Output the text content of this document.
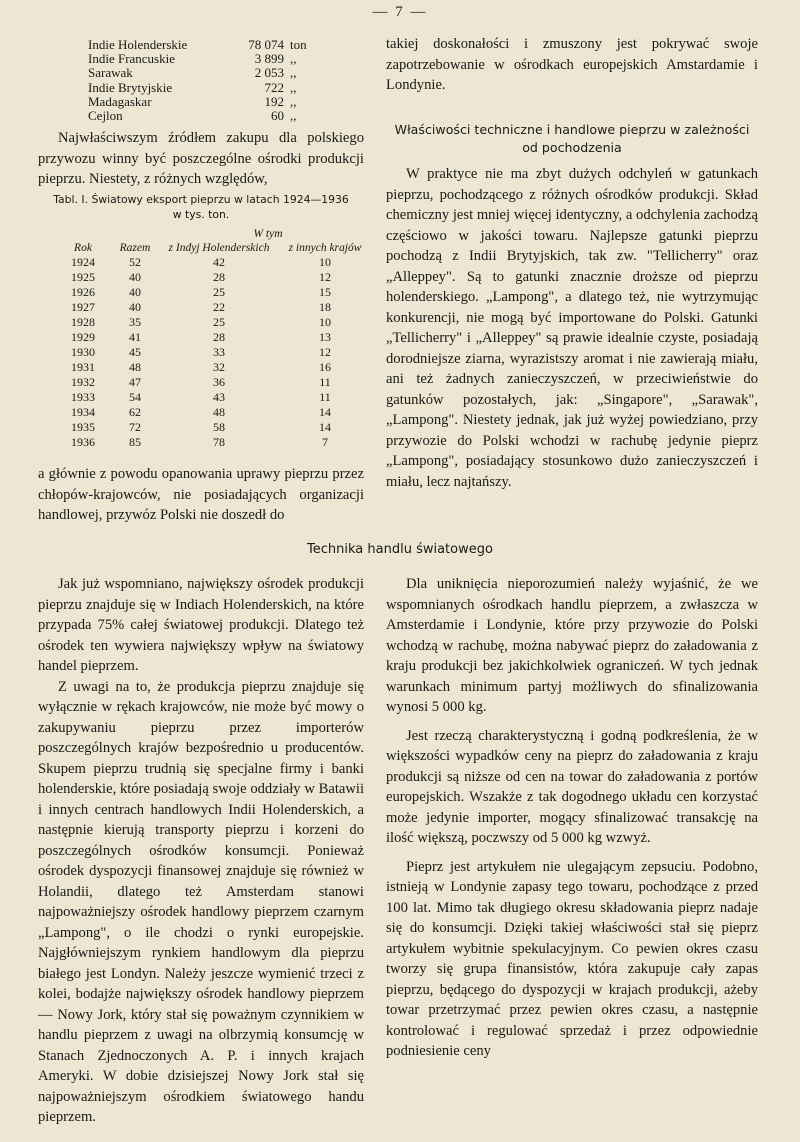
— 7 —
Indie Holenderskie	78 074 ton
Indie Francuskie	3 899 ,,
Sarawak	2 053 ,,
Indie Brytyjskie	722 ,,
Madagaskar	192 ,,
Cejlon	60 ,,

Najwłaściwszym źródłem zakupu dla polskiego przywozu winny być poszczególne ośrodki produkcji pieprzu. Niestety, z różnych względów,

Tabl. I. Światowy eksport pieprzu w latach 1924—1936
w tys. ton.
Rok	Razem	W tym	
		z Indyj Holenderskich	z innych krajów
1924	52	42	10
1925	40	28	12
1926	40	25	15
1927	40	22	18
1928	35	25	10
1929	41	28	13
1930	45	33	12
1931	48	32	16
1932	47	36	11
1933	54	43	11
1934	62	48	14
1935	72	58	14
1936	85	78	7

a głównie z powodu opanowania uprawy pieprzu przez chłopów-krajowców, nie posiadających organizacji handlowej, przywóz Polski nie doszedł do

takiej doskonałości i zmuszony jest pokrywać swoje zapotrzebowanie w ośrodkach europejskich Amstardamie i Londynie.

Właściwości techniczne i handlowe pieprzu w zależności od pochodzenia

W praktyce nie ma zbyt dużych odchyleń w gatunkach pieprzu, pochodzącego z różnych ośrodków produkcji. Skład chemiczny jest mniej więcej identyczny, a odchylenia zachodzą częściowo w jakości towaru. Najlepsze gatunki pieprzu pochodzą z Indii Brytyjskich, tak zw. "Tellicherry" oraz „Alleppey". Są to gatunki znacznie droższe od pieprzu holenderskiego. „Lampong", a dlatego też, nie wytrzymując konkurencji, nie mogą być importowane do Polski. Gatunki „Tellicherry" i „Alleppey" są prawie idealnie czyste, posiadają dorodniejsze ziarna, wyrazistszy aromat i nie zawierają miału, ani też żadnych zanieczyszczeń, w przeciwieństwie do gatunków pozostałych, jak: „Singapore", „Sarawak", „Lampong". Niestety jednak, jak już wyżej powiedziano, przy przywozie do Polski wchodzi w rachubę jedynie pieprz „Lampong", posiadający stosunkowo dużo zanieczyszczeń i miału, lecz najtańszy.

Technika handlu światowego

Jak już wspomniano, największy ośrodek produkcji pieprzu znajduje się w Indiach Holenderskich, na które przypada 75% całej światowej produkcji. Dlatego też ośrodek ten wywiera największy wpływ na światowy handel pieprzem.

Z uwagi na to, że produkcja pieprzu znajduje się wyłącznie w rękach krajowców, nie może być mowy o zakupywaniu pieprzu przez importerów poszczególnych krajów bezpośrednio u producentów. Skupem pieprzu trudnią się specjalne firmy i banki holenderskie, które posiadają swoje oddziały w Batawii i innych centrach handlowych Indii Holenderskich, a następnie kierują transporty pieprzu i korzeni do poszczególnych ośrodków konsumcji. Ponieważ ośrodek dyspozycji finansowej znajduje się również w Holandii, dlatego też Amsterdam stanowi najpoważniejszy ośrodek handlowy pieprzem czarnym „Lampong", o ile chodzi o rynki europejskie. Najgłówniejszym rynkiem handlowym dla pieprzu białego jest Londyn. Należy jeszcze wymienić trzeci z kolei, bodajże największy ośrodek handlowy pieprzem — Nowy Jork, który stał się poważnym czynnikiem w handlu pieprzem z uwagi na olbrzymią konsumcję w Stanach Zjednoczonych A. P. i innych krajach Ameryki. W dobie dzisiejszej Nowy Jork stał się najpoważniejszym ośrodkiem światowego handu pieprzem.

Dla uniknięcia nieporozumień należy wyjaśnić, że we wspomnianych ośrodkach handlu pieprzem, a zwłaszcza w Amsterdamie i Londynie, które przy przywozie do Polski wchodzą w rachubę, można nabywać pieprz do załadowania z kraju produkcji bez jakichkolwiek ograniczeń. W tych jednak warunkach minimum partyj możliwych do sfinalizowania wynosi 5 000 kg.

Jest rzeczą charakterystyczną i godną podkreślenia, że w większości wypadków ceny na pieprz do załadowania z kraju produkcji są niższe od cen na towar do załadowania z portów europejskich. Wszakże z tak dogodnego układu cen korzystać może jedynie importer, mogący sfinalizować transakcję na ilość większą, poczwszy od 5 000 kg wzwyż.

Pieprz jest artykułem nie ulegającym zepsuciu. Podobno, istnieją w Londynie zapasy tego towaru, pochodzące z przed 100 lat. Mimo tak długiego okresu składowania pieprz nadaje się do konsumcji. Dzięki takiej właściwości stał się pieprz artykułem wybitnie spekulacyjnym. Co pewien okres czasu tworzy się grupa finansistów, która zakupuje cały zapas pieprzu, będącego do dyspozycji w krajach produkcji, ażeby towar przetrzymać przez pewien okres czasu, a następnie kontrolować i regulować sprzedaż i przez odpowiednie podniesienie ceny
